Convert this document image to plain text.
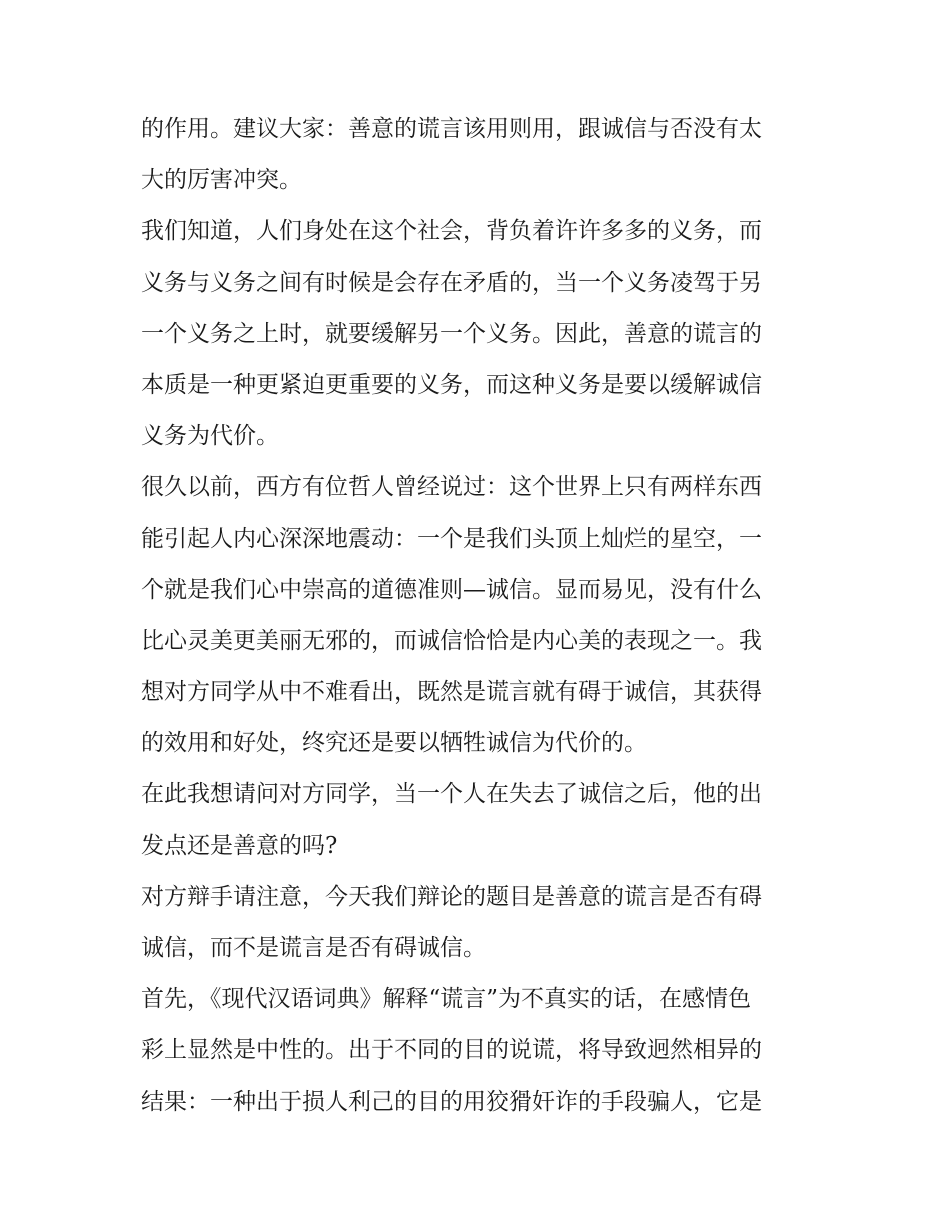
的作用。建议大家：善意的谎言该用则用，跟诚信与否没有太
大的厉害冲突。
我们知道，人们身处在这个社会，背负着许许多多的义务，而
义务与义务之间有时候是会存在矛盾的，当一个义务凌驾于另
一个义务之上时，就要缓解另一个义务。因此，善意的谎言的
本质是一种更紧迫更重要的义务，而这种义务是要以缓解诚信
义务为代价。
很久以前，西方有位哲人曾经说过：这个世界上只有两样东西
能引起人内心深深地震动：一个是我们头顶上灿烂的星空，一
个就是我们心中崇高的道德准则—诚信。显而易见，没有什么
比心灵美更美丽无邪的，而诚信恰恰是内心美的表现之一。我
想对方同学从中不难看出，既然是谎言就有碍于诚信，其获得
的效用和好处，终究还是要以牺牲诚信为代价的。
在此我想请问对方同学，当一个人在失去了诚信之后，他的出
发点还是善意的吗?
对方辩手请注意，今天我们辩论的题目是善意的谎言是否有碍
诚信，而不是谎言是否有碍诚信。
首先，《现代汉语词典》解释“谎言”为不真实的话，在感情色
彩上显然是中性的。出于不同的目的说谎，将导致迥然相异的
结果：一种出于损人利己的目的用狡猾奸诈的手段骗人，它是
